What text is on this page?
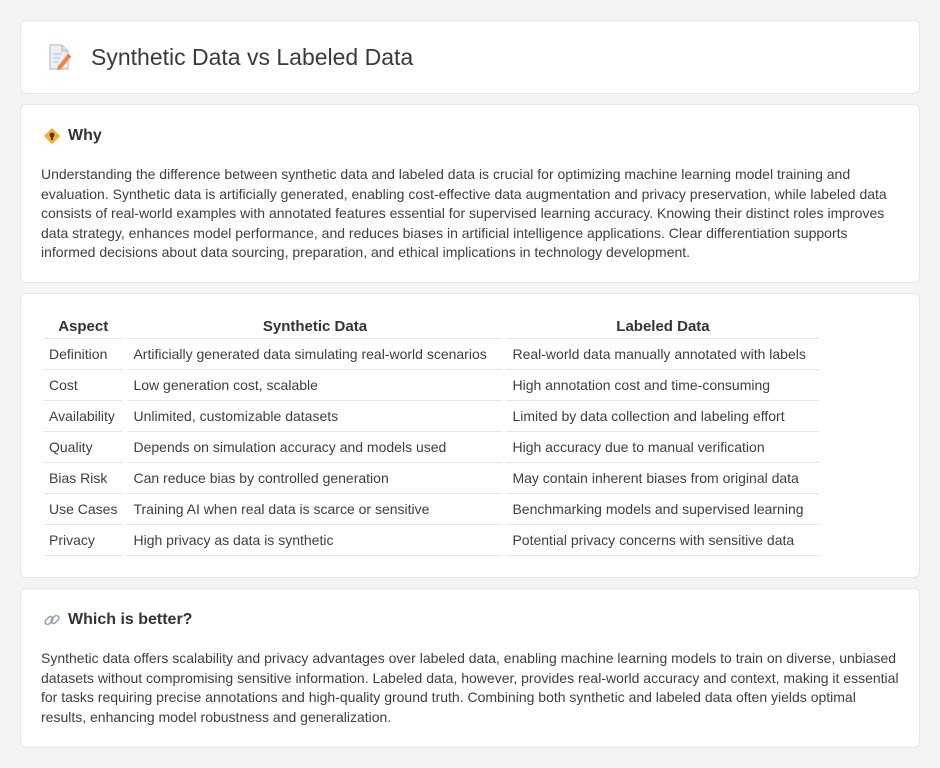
Synthetic Data vs Labeled Data
Why

Understanding the difference between synthetic data and labeled data is crucial for optimizing machine learning model training and evaluation. Synthetic data is artificially generated, enabling cost-effective data augmentation and privacy preservation, while labeled data consists of real-world examples with annotated features essential for supervised learning accuracy. Knowing their distinct roles improves data strategy, enhances model performance, and reduces biases in artificial intelligence applications. Clear differentiation supports informed decisions about data sourcing, preparation, and ethical implications in technology development.

Aspect		Synthetic Data		Labeled Data
Definition		Artificially generated data simulating real-world scenarios		Real-world data manually annotated with labels
Cost		Low generation cost, scalable		High annotation cost and time-consuming
Availability		Unlimited, customizable datasets		Limited by data collection and labeling effort
Quality		Depends on simulation accuracy and models used		High accuracy due to manual verification
Bias Risk		Can reduce bias by controlled generation		May contain inherent biases from original data
Use Cases		Training AI when real data is scarce or sensitive		Benchmarking models and supervised learning
Privacy		High privacy as data is synthetic		Potential privacy concerns with sensitive data
Which is better?

Synthetic data offers scalability and privacy advantages over labeled data, enabling machine learning models to train on diverse, unbiased datasets without compromising sensitive information. Labeled data, however, provides real-world accuracy and context, making it essential for tasks requiring precise annotations and high-quality ground truth. Combining both synthetic and labeled data often yields optimal results, enhancing model robustness and generalization.
